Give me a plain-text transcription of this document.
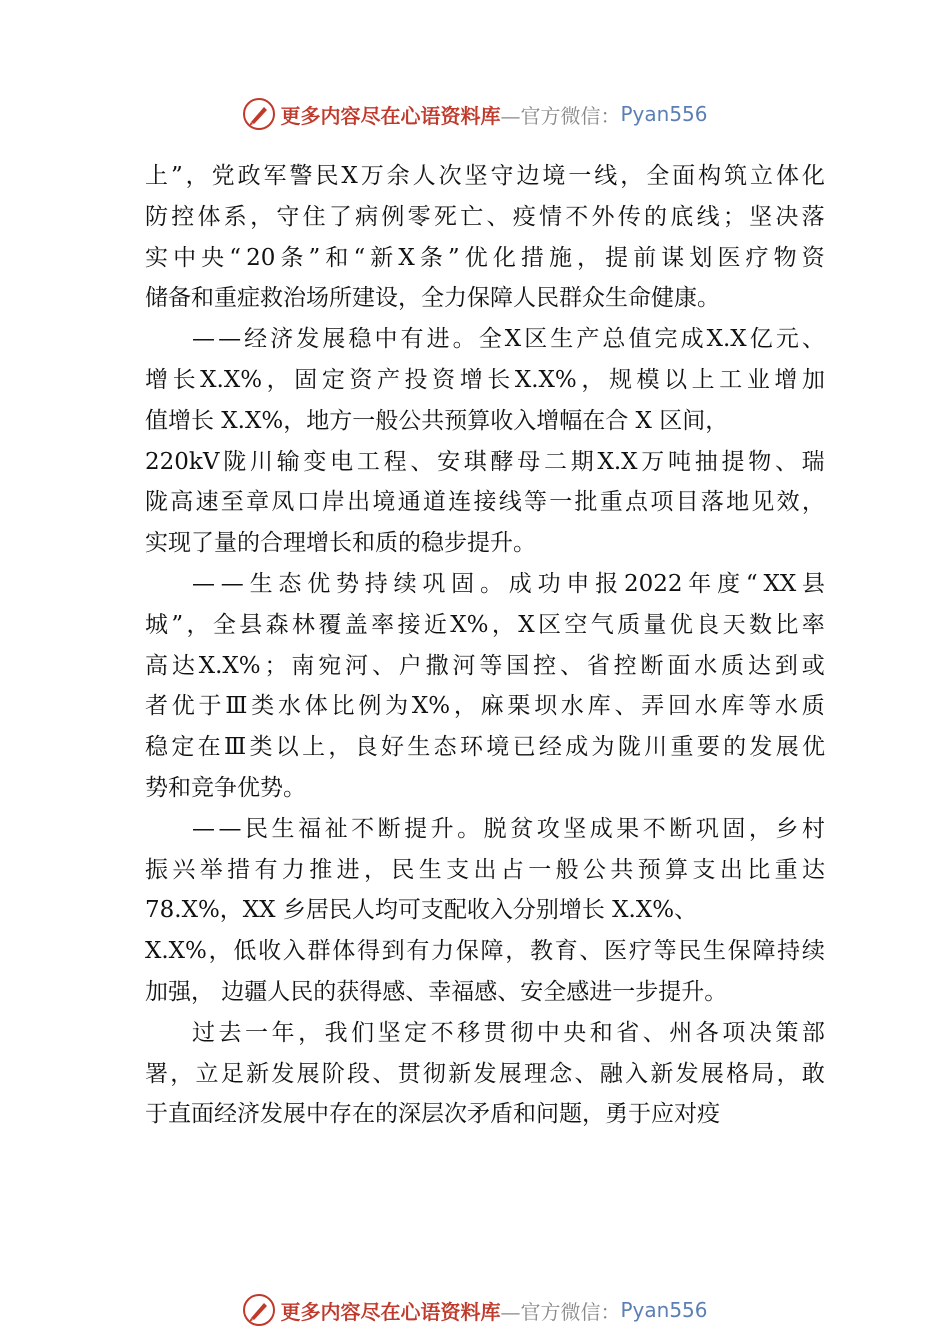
更多内容尽在心语资料库 —官方微信： Pyan556
上 ” ， 党 政 军 警 民 X 万 余 人 次 坚 守 边 境 一 线 ， 全 面 构 筑 立 体 化
防 控 体 系 ， 守 住 了 病 例 零 死 亡 、 疫 情 不 外 传 的 底 线 ； 坚 决 落
实 中 央 “ 20 条 ” 和 “ 新 X 条 ” 优 化 措 施 ， 提 前 谋 划 医 疗 物 资
储备和重症救治场所建设，全力保障人民群众生命健康。
— — 经 济 发 展 稳 中 有 进 。 全 X 区 生 产 总 值 完 成 X.X 亿 元 、
增 长 X.X% ， 固 定 资 产 投 资 增 长 X.X% ， 规 模 以 上 工 业 增 加
值增长 X.X%，地方一般公共预算收入增幅在合 X 区间，
220kV 陇 川 输 变 电 工 程 、 安 琪 酵 母 二 期 X.X 万 吨 抽 提 物 、 瑞
陇 高 速 至 章 凤 口 岸 出 境 通 道 连 接 线 等 一 批 重 点 项 目 落 地 见 效 ，
实现了量的合理增长和质的稳步提升。
— — 生 态 优 势 持 续 巩 固 。 成 功 申 报 2022 年 度 “ XX 县
城 ” ， 全 县 森 林 覆 盖 率 接 近 X% ， X 区 空 气 质 量 优 良 天 数 比 率
高 达 X.X% ； 南 宛 河 、 户 撒 河 等 国 控 、 省 控 断 面 水 质 达 到 或
者 优 于 Ⅲ 类 水 体 比 例 为 X% ， 麻 栗 坝 水 库 、 弄 回 水 库 等 水 质
稳 定 在 Ⅲ 类 以 上 ， 良 好 生 态 环 境 已 经 成 为 陇 川 重 要 的 发 展 优
势和竞争优势。
— — 民 生 福 祉 不 断 提 升 。 脱 贫 攻 坚 成 果 不 断 巩 固 ， 乡 村
振 兴 举 措 有 力 推 进 ， 民 生 支 出 占 一 般 公 共 预 算 支 出 比 重 达
78.X%，XX 乡居民人均可支配收入分别增长 X.X%、
X.X% ， 低 收 入 群 体 得 到 有 力 保 障 ， 教 育 、 医 疗 等 民 生 保 障 持 续
加强， 边疆人民的获得感、幸福感、安全感进一步提升。
过 去 一 年 ， 我 们 坚 定 不 移 贯 彻 中 央 和 省 、 州 各 项 决 策 部
署 ， 立 足 新 发 展 阶 段 、 贯 彻 新 发 展 理 念 、 融 入 新 发 展 格 局 ， 敢
于直面经济发展中存在的深层次矛盾和问题，勇于应对疫
更多内容尽在心语资料库 —官方微信： Pyan556
